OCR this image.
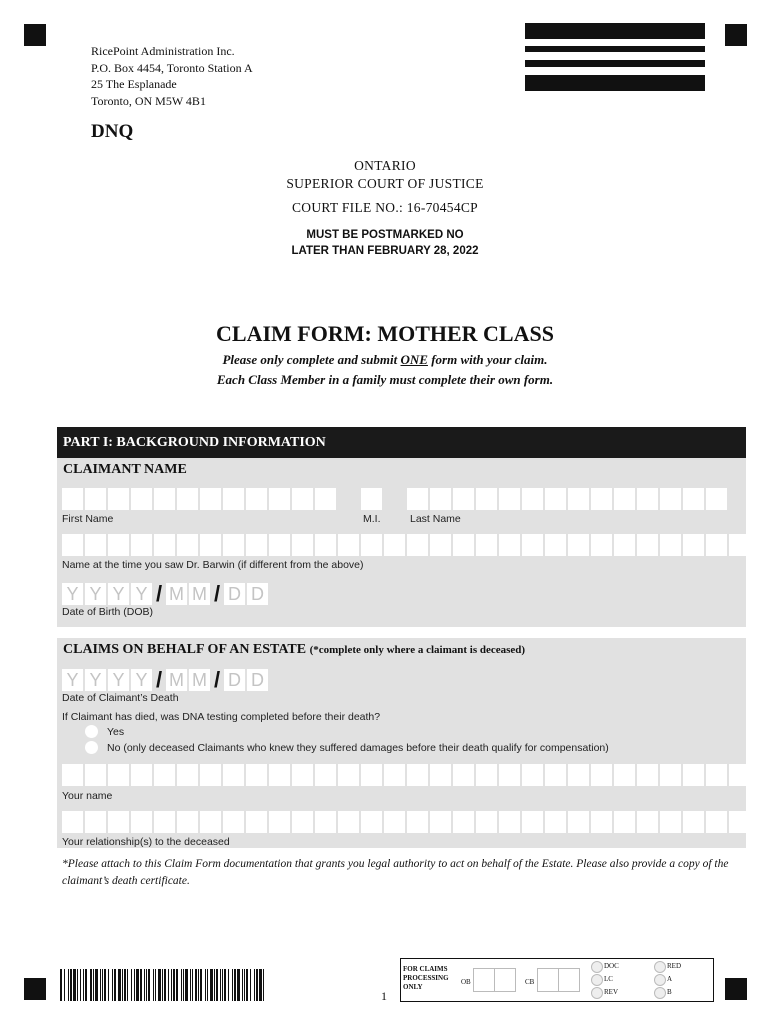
RicePoint Administration Inc.
P.O. Box 4454, Toronto Station A
25 The Esplanade
Toronto, ON M5W 4B1
DNQ
ONTARIO
SUPERIOR COURT OF JUSTICE
COURT FILE NO.: 16-70454CP
MUST BE POSTMARKED NO
LATER THAN FEBRUARY 28, 2022
CLAIM FORM: MOTHER CLASS
Please only complete and submit ONE form with your claim.
Each Class Member in a family must complete their own form.
PART I: BACKGROUND INFORMATION
CLAIMANT NAME
First Name	M.I.	Last Name
Name at the time you saw Dr. Barwin (if different from the above)
Y Y Y Y / M M / D D
Date of Birth (DOB)
CLAIMS ON BEHALF OF AN ESTATE (*complete only where a claimant is deceased)
Y Y Y Y / M M / D D
Date of Claimant’s Death
If Claimant has died, was DNA testing completed before their death?
Yes
No (only deceased Claimants who knew they suffered damages before their death qualify for compensation)
Your name
Your relationship(s) to the deceased
*Please attach to this Claim Form documentation that grants you legal authority to act on behalf of the Estate. Please also provide a copy of the claimant’s death certificate.
1
FOR CLAIMS PROCESSING ONLY
OB	CB
DOC
LC
REV
RED
A
B
